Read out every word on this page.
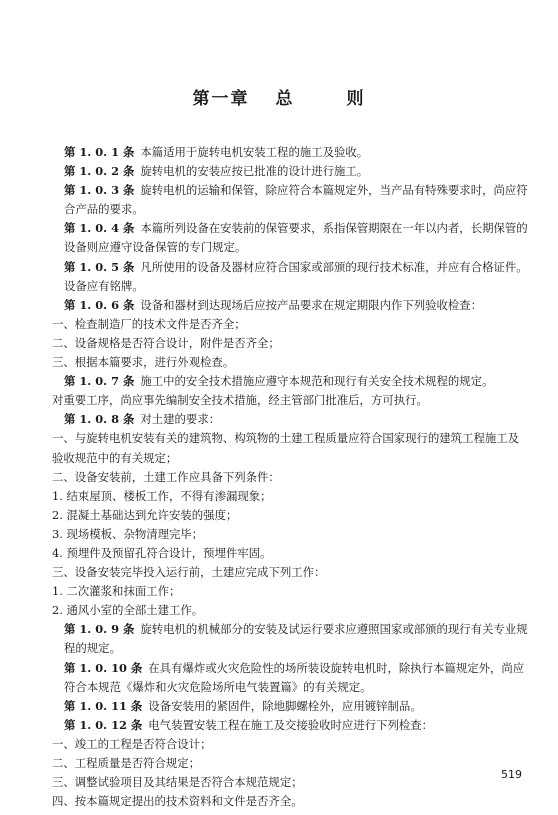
第一章 总	则

第 1. 0. 1 条 本篇适用于旋转电机安装工程的施工及验收。

第 1. 0. 2 条 旋转电机的安装应按已批准的设计进行施工。

第 1. 0. 3 条 旋转电机的运输和保管，除应符合本篇规定外，当产品有特殊要求时，尚应符合产品的要求。

第 1. 0. 4 条 本篇所列设备在安装前的保管要求，系指保管期限在一年以内者，长期保管的设备则应遵守设备保管的专门规定。

第 1. 0. 5 条 凡所使用的设备及器材应符合国家或部颁的现行技术标准，并应有合格证件。设备应有铭牌。

第 1. 0. 6 条 设备和器材到达现场后应按产品要求在规定期限内作下列验收检查：

一、检查制造厂的技术文件是否齐全；

二、设备规格是否符合设计，附件是否齐全；

三、根据本篇要求，进行外观检查。

第 1. 0. 7 条 施工中的安全技术措施应遵守本规范和现行有关安全技术规程的规定。

对重要工序，尚应事先编制安全技术措施，经主管部门批准后，方可执行。

第 1. 0. 8 条 对土建的要求：

一、与旋转电机安装有关的建筑物、构筑物的土建工程质量应符合国家现行的建筑工程施工及验收规范中的有关规定；

二、设备安装前，土建工作应具备下列条件：

1. 结束屋顶、楼板工作，不得有渗漏现象；

2. 混凝土基础达到允许安装的强度；

3. 现场模板、杂物清理完毕；

4. 预埋件及预留孔符合设计，预埋件牢固。

三、设备安装完毕投入运行前，土建应完成下列工作：

1. 二次灌浆和抹面工作；

2. 通风小室的全部土建工作。

第 1. 0. 9 条 旋转电机的机械部分的安装及试运行要求应遵照国家或部颁的现行有关专业规程的规定。

第 1. 0. 10 条 在具有爆炸或火灾危险性的场所装设旋转电机时，除执行本篇规定外，尚应符合本规范《爆炸和火灾危险场所电气装置篇》的有关规定。

第 1. 0. 11 条 设备安装用的紧固件，除地脚螺栓外，应用镀锌制品。

第 1. 0. 12 条 电气装置安装工程在施工及交接验收时应进行下列检查：

一、竣工的工程是否符合设计；

二、工程质量是否符合规定；

三、调整试验项目及其结果是否符合本规范规定；

四、按本篇规定提出的技术资料和文件是否齐全。

519
